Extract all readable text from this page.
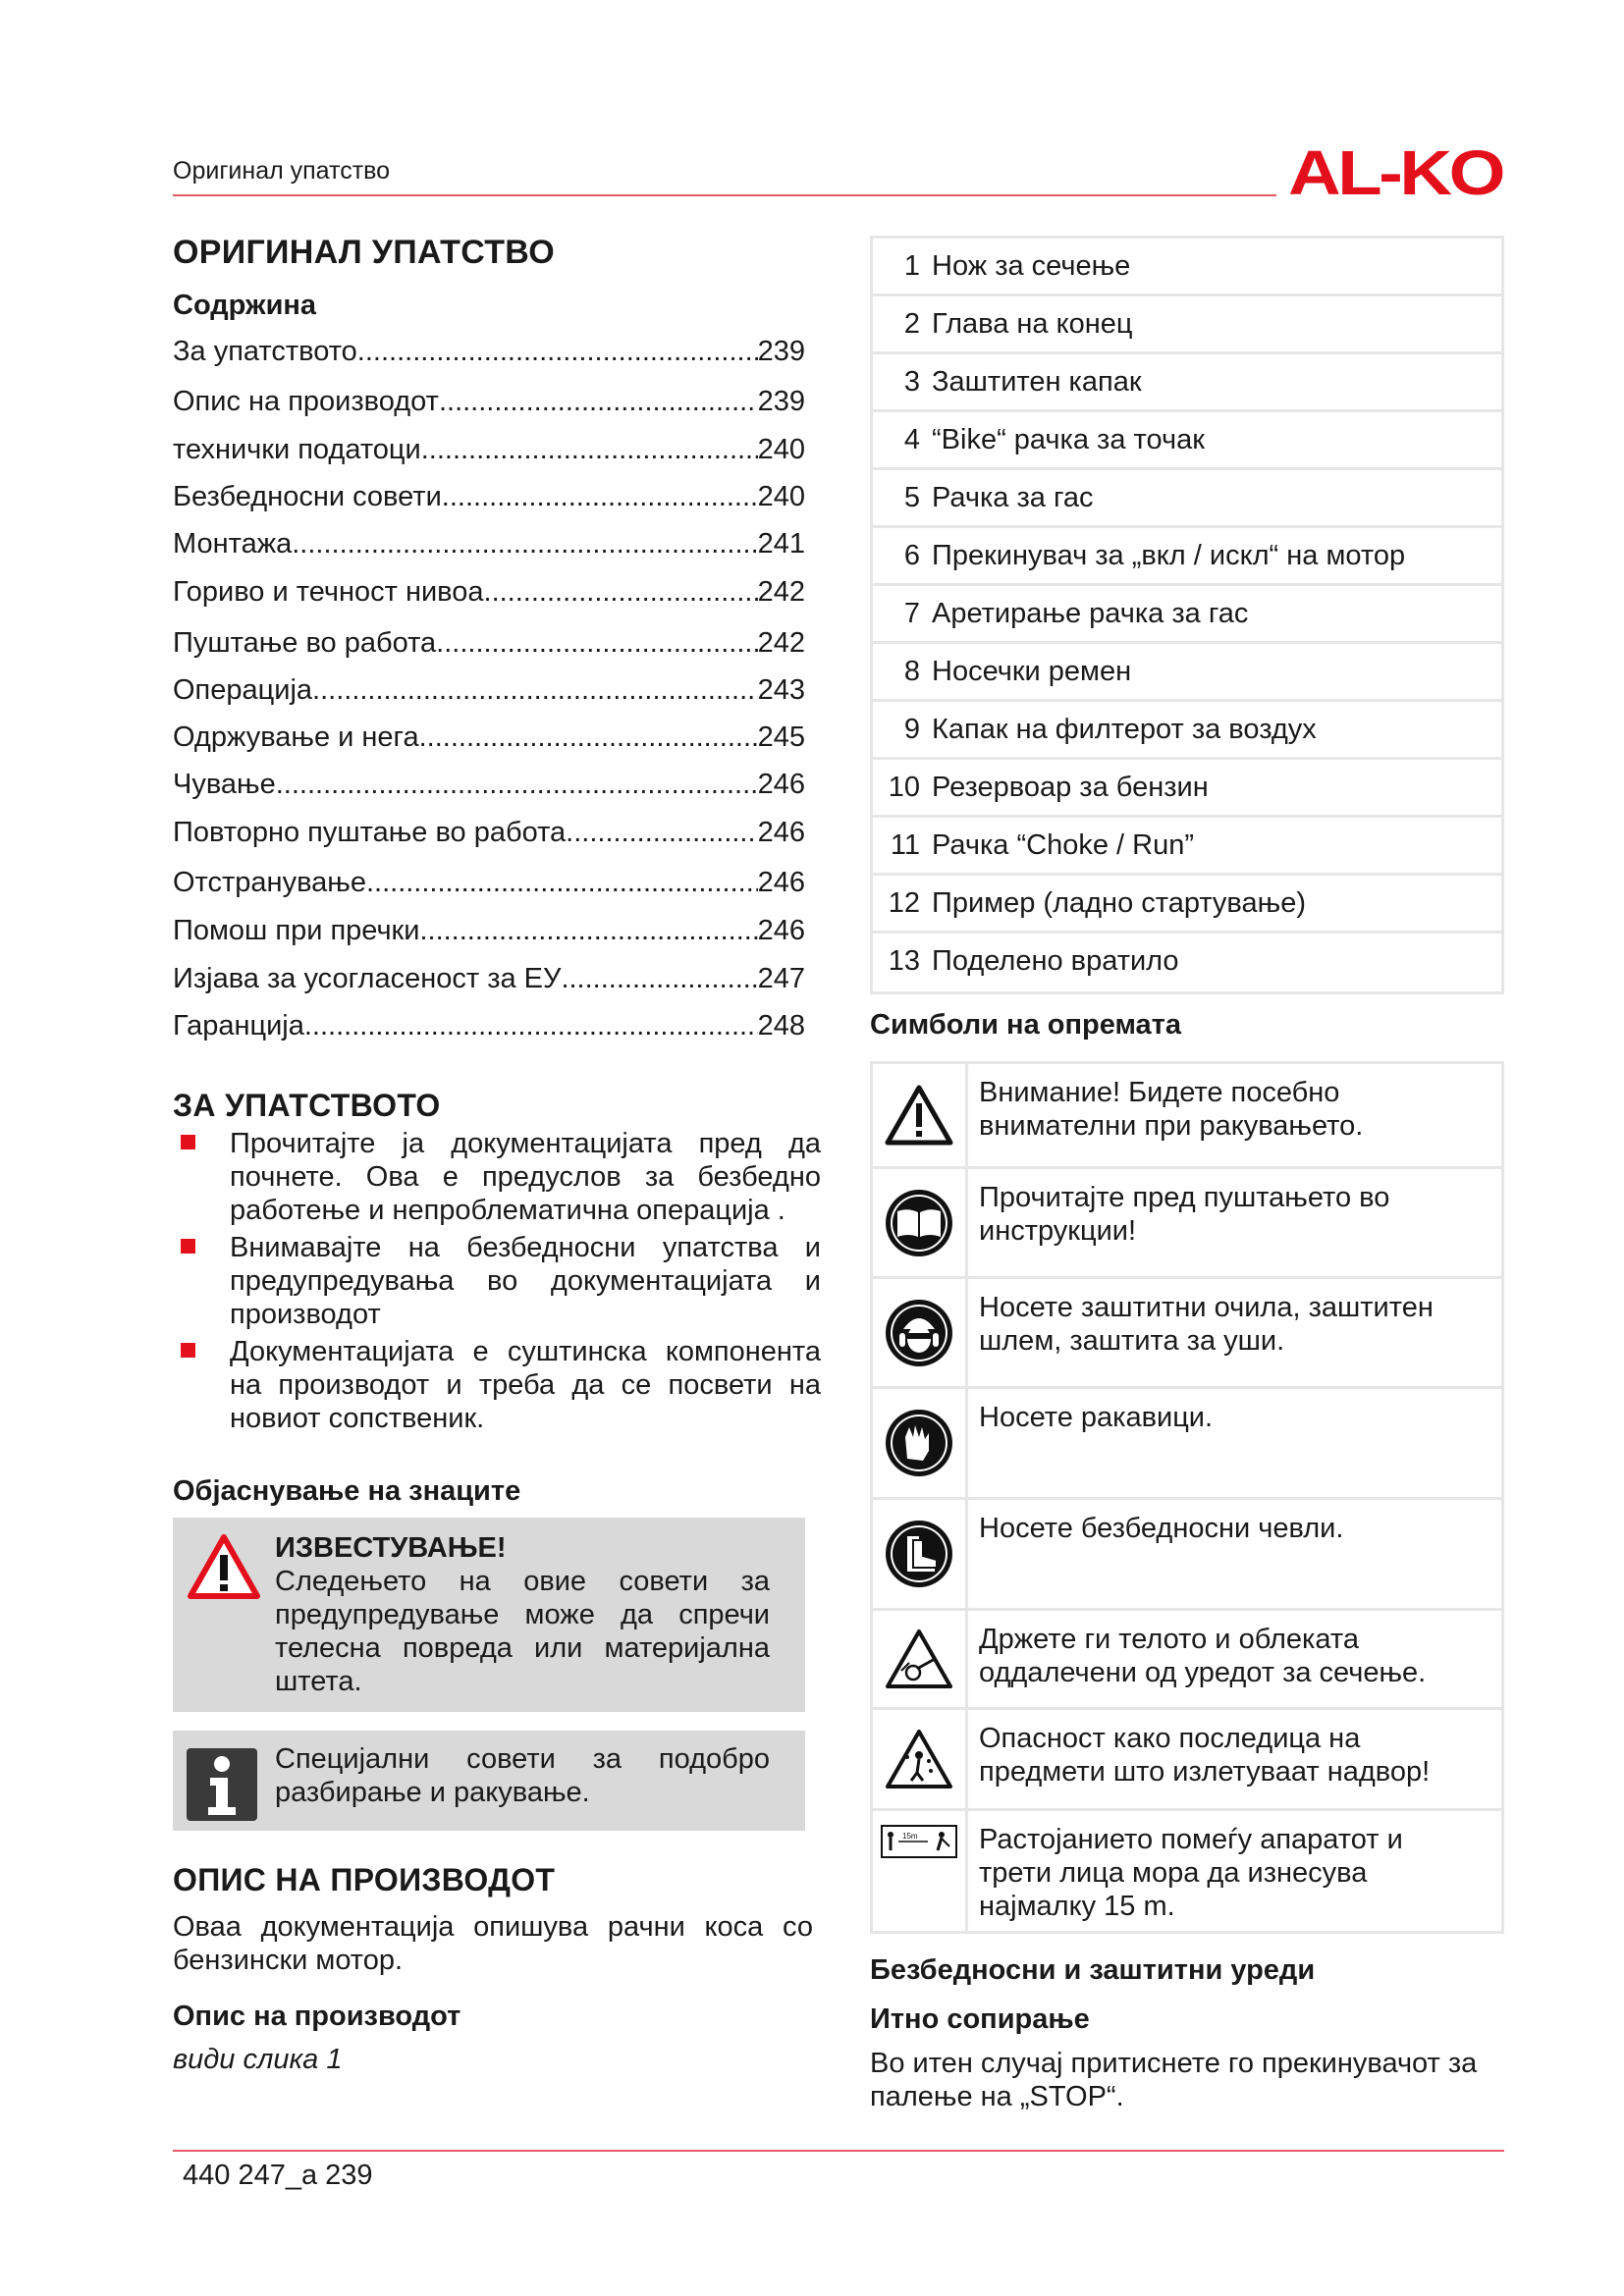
Оригинал упатство	AL-KO
ОРИГИНАЛ УПАТСТВО
Содржина
За упатството .....	239
Опис на производот .....	239
технички податоци .....	240
Безбедносни совети .....	240
Монтажа .....	241
Гориво и течност нивоа .....	242
Пуштање во работа .....	242
Операција .....	243
Одржување и нега .....	245
Чување .....	246
Повторно пуштање во работа .....	246
Отстранување .....	246
Помош при пречки .....	246
Изјава за усогласеност за ЕУ .....	247
Гаранција .....	248
ЗА УПАТСТВОТО
Прочитајте ја документацијата пред да почнете. Ова е предуслов за безбедно работење и непроблематична операција .
Внимавајте на безбедносни упатства и предупредувања во документацијата и производот
Документацијата е суштинска компонента на производот и треба да се посвети на новиот сопственик.
Објаснување на знаците
ИЗВЕСТУВАЊЕ!
Следењето на овие совети за предупредување може да спречи телесна повреда или материјална штета.
Специјални совети за подобро разбирање и ракување.
ОПИС НА ПРОИЗВОДОТ
Оваа документација опишува рачни коса со бензински мотор.
Опис на производот
види слика 1
1 Нож за сечење
2 Глава на конец
3 Заштитен капак
4 “Bike“ рачка за точак
5 Рачка за гас
6 Прекинувач за „вкл / искл“ на мотор
7 Аретирање рачка за гас
8 Носечки ремен
9 Капак на филтерот за воздух
10 Резервоар за бензин
11 Рачка “Choke / Run”
12 Пример (ладно стартување)
13 Поделено вратило
Симболи на опремата
Внимание! Бидете посебно внимателни при ракувањето.
Прочитајте пред пуштањето во инструкции!
Носете заштитни очила, заштитен шлем, заштита за уши.
Носете ракавици.
Носете безбедносни чевли.
Држете ги телото и облеката оддалечени од уредот за сечење.
Опасност како последица на предмети што излетуваат надвор!
15m Растојанието помеѓу апаратот и трети лица мора да изнесува најмалку 15 m.
Безбедносни и заштитни уреди
Итно сопирање
Во итен случај притиснете го прекинувачот за палење на „STOP“.
440 247_a 239
